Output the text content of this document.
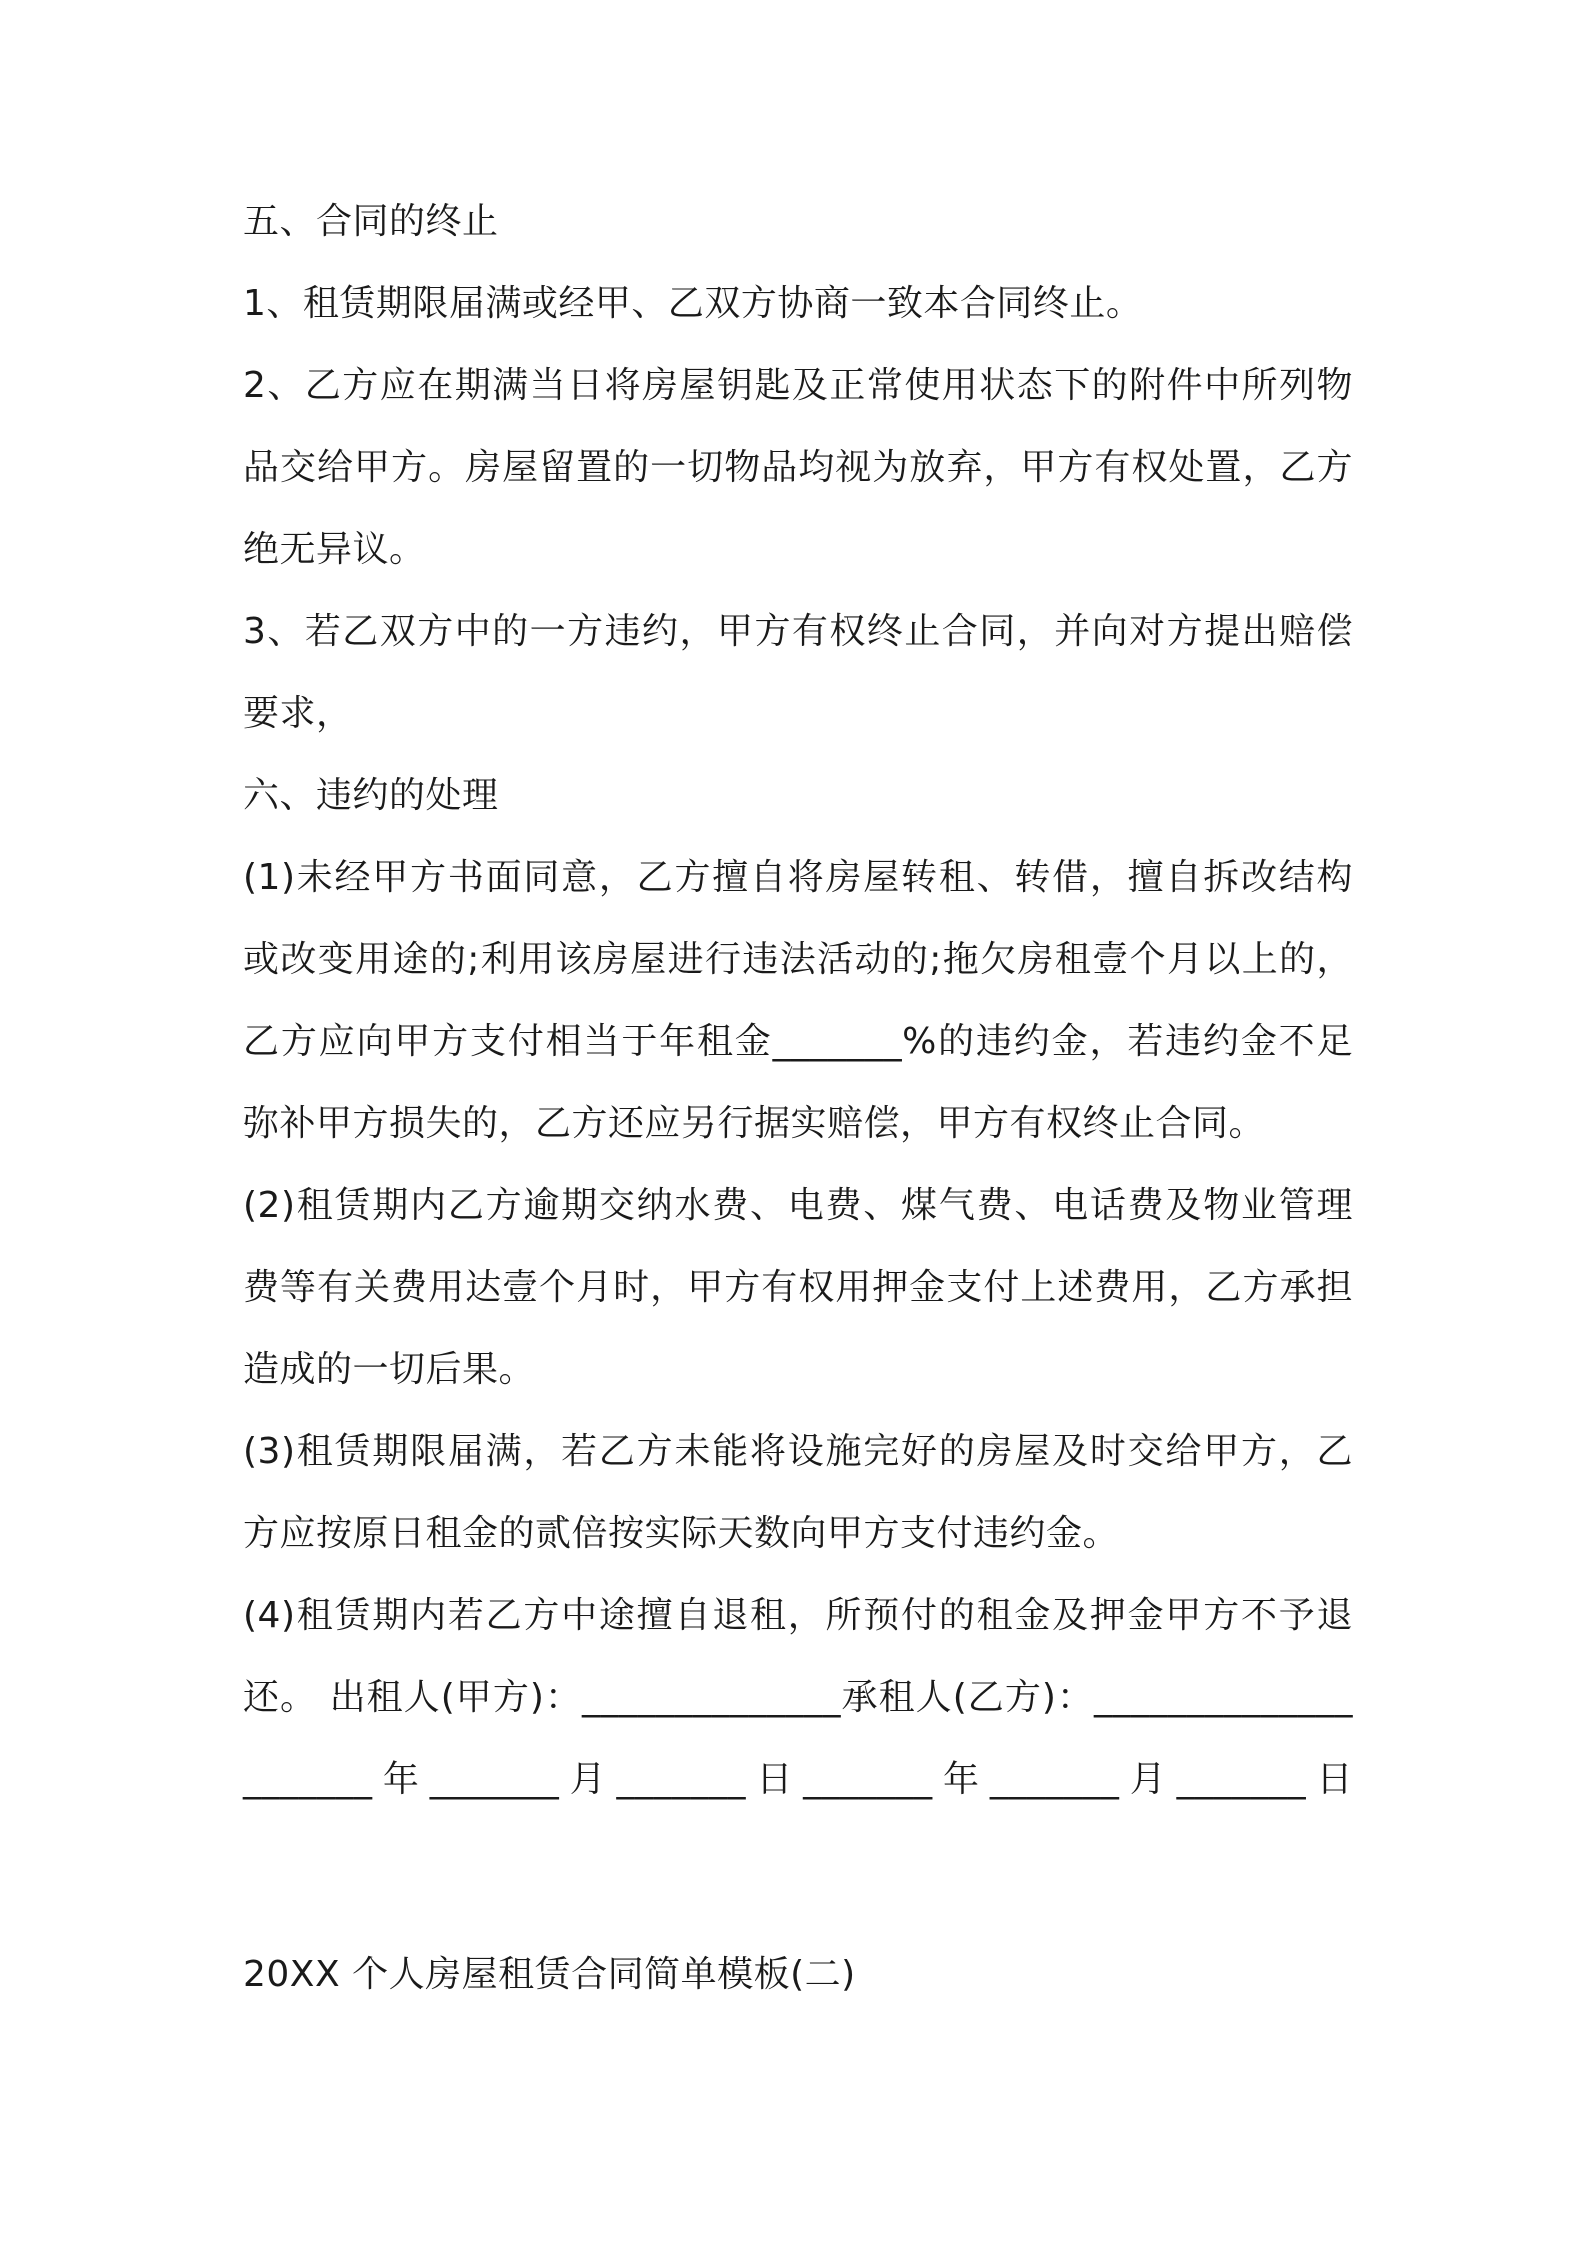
五、合同的终止
1、租赁期限届满或经甲、乙双方协商一致本合同终止。
2、乙方应在期满当日将房屋钥匙及正常使用状态下的附件中所列物
品交给甲方。房屋留置的一切物品均视为放弃，甲方有权处置，乙方
绝无异议。
3、若乙双方中的一方违约，甲方有权终止合同，并向对方提出赔偿
要求，
六、违约的处理
(1)未经甲方书面同意，乙方擅自将房屋转租、转借，擅自拆改结构
或改变用途的;利用该房屋进行违法活动的;拖欠房租壹个月以上的，
乙方应向甲方支付相当于年租金_______%的违约金，若违约金不足
弥补甲方损失的，乙方还应另行据实赔偿，甲方有权终止合同。
(2)租赁期内乙方逾期交纳水费、电费、煤气费、电话费及物业管理
费等有关费用达壹个月时，甲方有权用押金支付上述费用，乙方承担
造成的一切后果。
(3)租赁期限届满，若乙方未能将设施完好的房屋及时交给甲方，乙
方应按原日租金的贰倍按实际天数向甲方支付违约金。
(4)租赁期内若乙方中途擅自退租，所预付的租金及押金甲方不予退
还。 出租人(甲方)：______________承租人(乙方)：______________
_______年_______月_______日_______年_______月_______日
20XX 个人房屋租赁合同简单模板(二)
